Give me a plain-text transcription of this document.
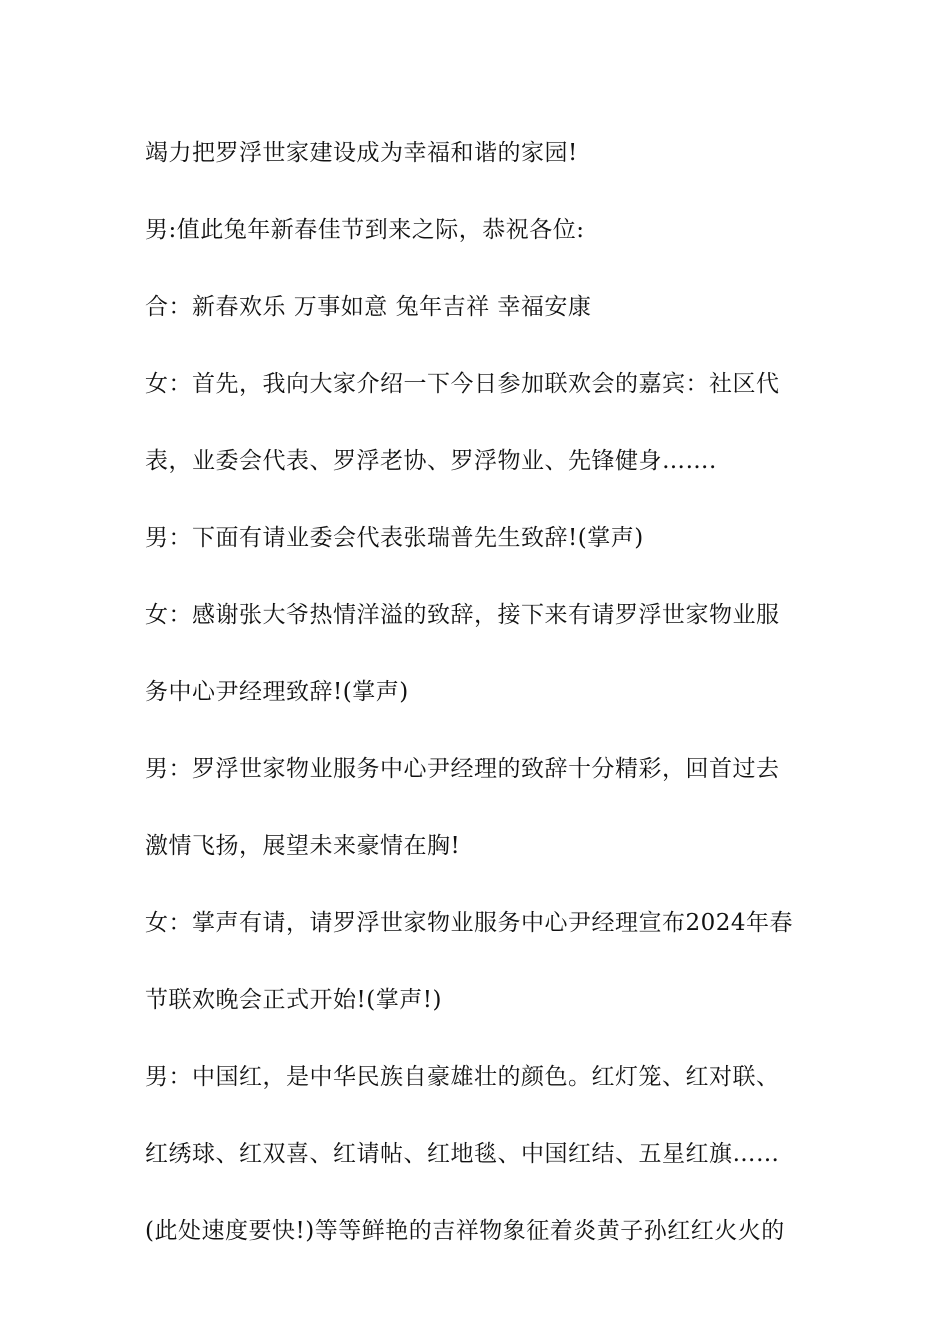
竭力把罗浮世家建设成为幸福和谐的家园!
男:值此兔年新春佳节到来之际，恭祝各位:
合：新春欢乐 万事如意 兔年吉祥 幸福安康
女：首先，我向大家介绍一下今日参加联欢会的嘉宾：社区代
表，业委会代表、罗浮老协、罗浮物业、先锋健身…….
男：下面有请业委会代表张瑞普先生致辞!(掌声)
女：感谢张大爷热情洋溢的致辞，接下来有请罗浮世家物业服
务中心尹经理致辞!(掌声)
男：罗浮世家物业服务中心尹经理的致辞十分精彩，回首过去
激情飞扬，展望未来豪情在胸!
女：掌声有请，请罗浮世家物业服务中心尹经理宣布2024年春
节联欢晚会正式开始!(掌声!)
男：中国红，是中华民族自豪雄壮的颜色。红灯笼、红对联、
红绣球、红双喜、红请帖、红地毯、中国红结、五星红旗……
(此处速度要快!)等等鲜艳的吉祥物象征着炎黄子孙红红火火的
